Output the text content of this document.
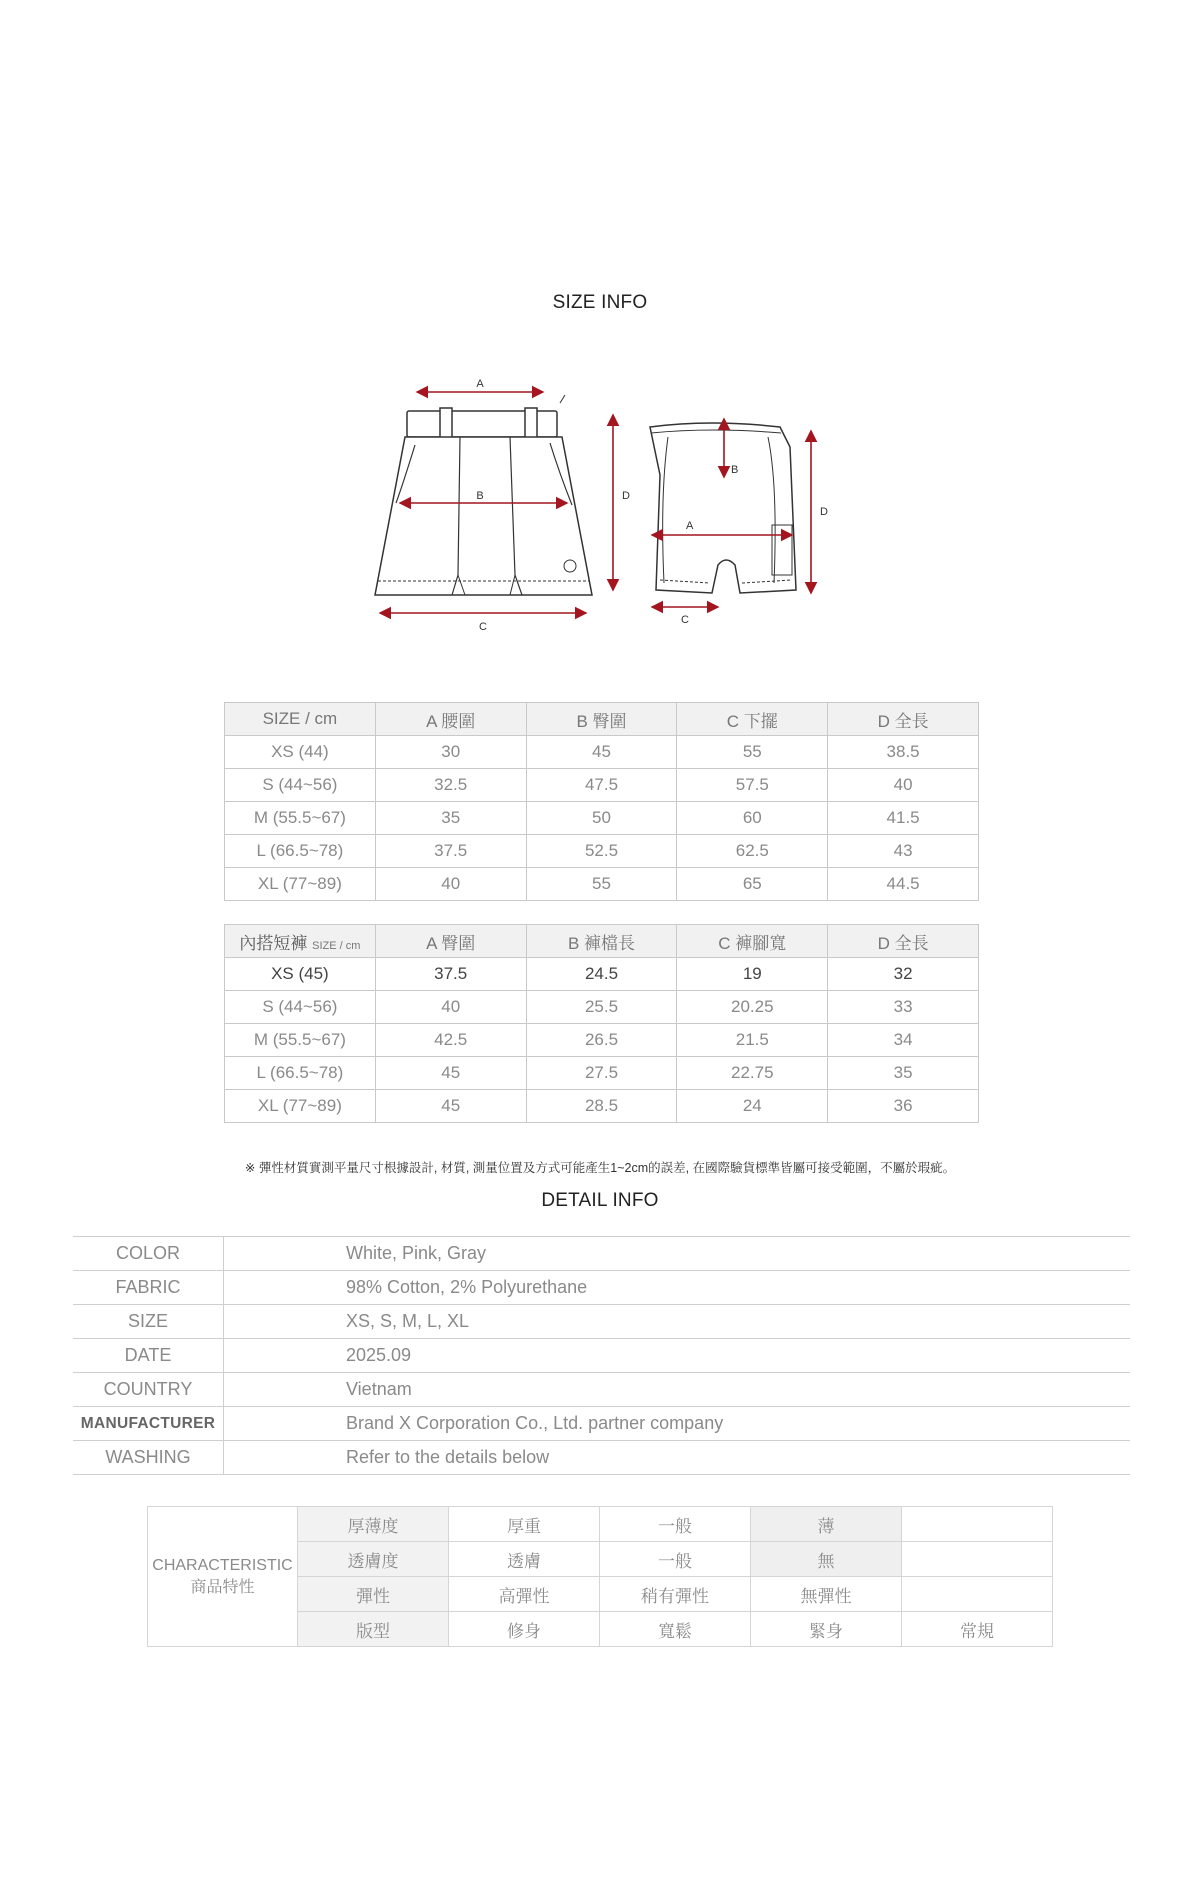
SIZE INFO
A
B
C
D
B
A
C
D
SIZE / cm	A 腰圍	B 臀圍	C 下擺	D 全長
XS (44)	30	45	55	38.5
S (44~56)	32.5	47.5	57.5	40
M (55.5~67)	35	50	60	41.5
L (66.5~78)	37.5	52.5	62.5	43
XL (77~89)	40	55	65	44.5
內搭短褲 SIZE / cm	A 臀圍	B 褲檔長	C 褲腳寬	D 全長
XS (45)	37.5	24.5	19	32
S (44~56)	40	25.5	20.25	33
M (55.5~67)	42.5	26.5	21.5	34
L (66.5~78)	45	27.5	22.75	35
XL (77~89)	45	28.5	24	36
※ 彈性材質實測平量尺寸根據設計, 材質, 測量位置及方式可能產生1~2cm的誤差, 在國際驗貨標準皆屬可接受範圍，不屬於瑕疵。
DETAIL INFO
COLOR	White, Pink, Gray
FABRIC	98% Cotton, 2% Polyurethane
SIZE	XS, S, M, L, XL
DATE	2025.09
COUNTRY	Vietnam
MANUFACTURER	Brand X Corporation Co., Ltd. partner company
WASHING	Refer to the details below
CHARACTERISTIC
商品特性	厚薄度	厚重	一般	薄	
	透膚度	透膚	一般	無	
	彈性	高彈性	稍有彈性	無彈性	
	版型	修身	寬鬆	緊身	常規
